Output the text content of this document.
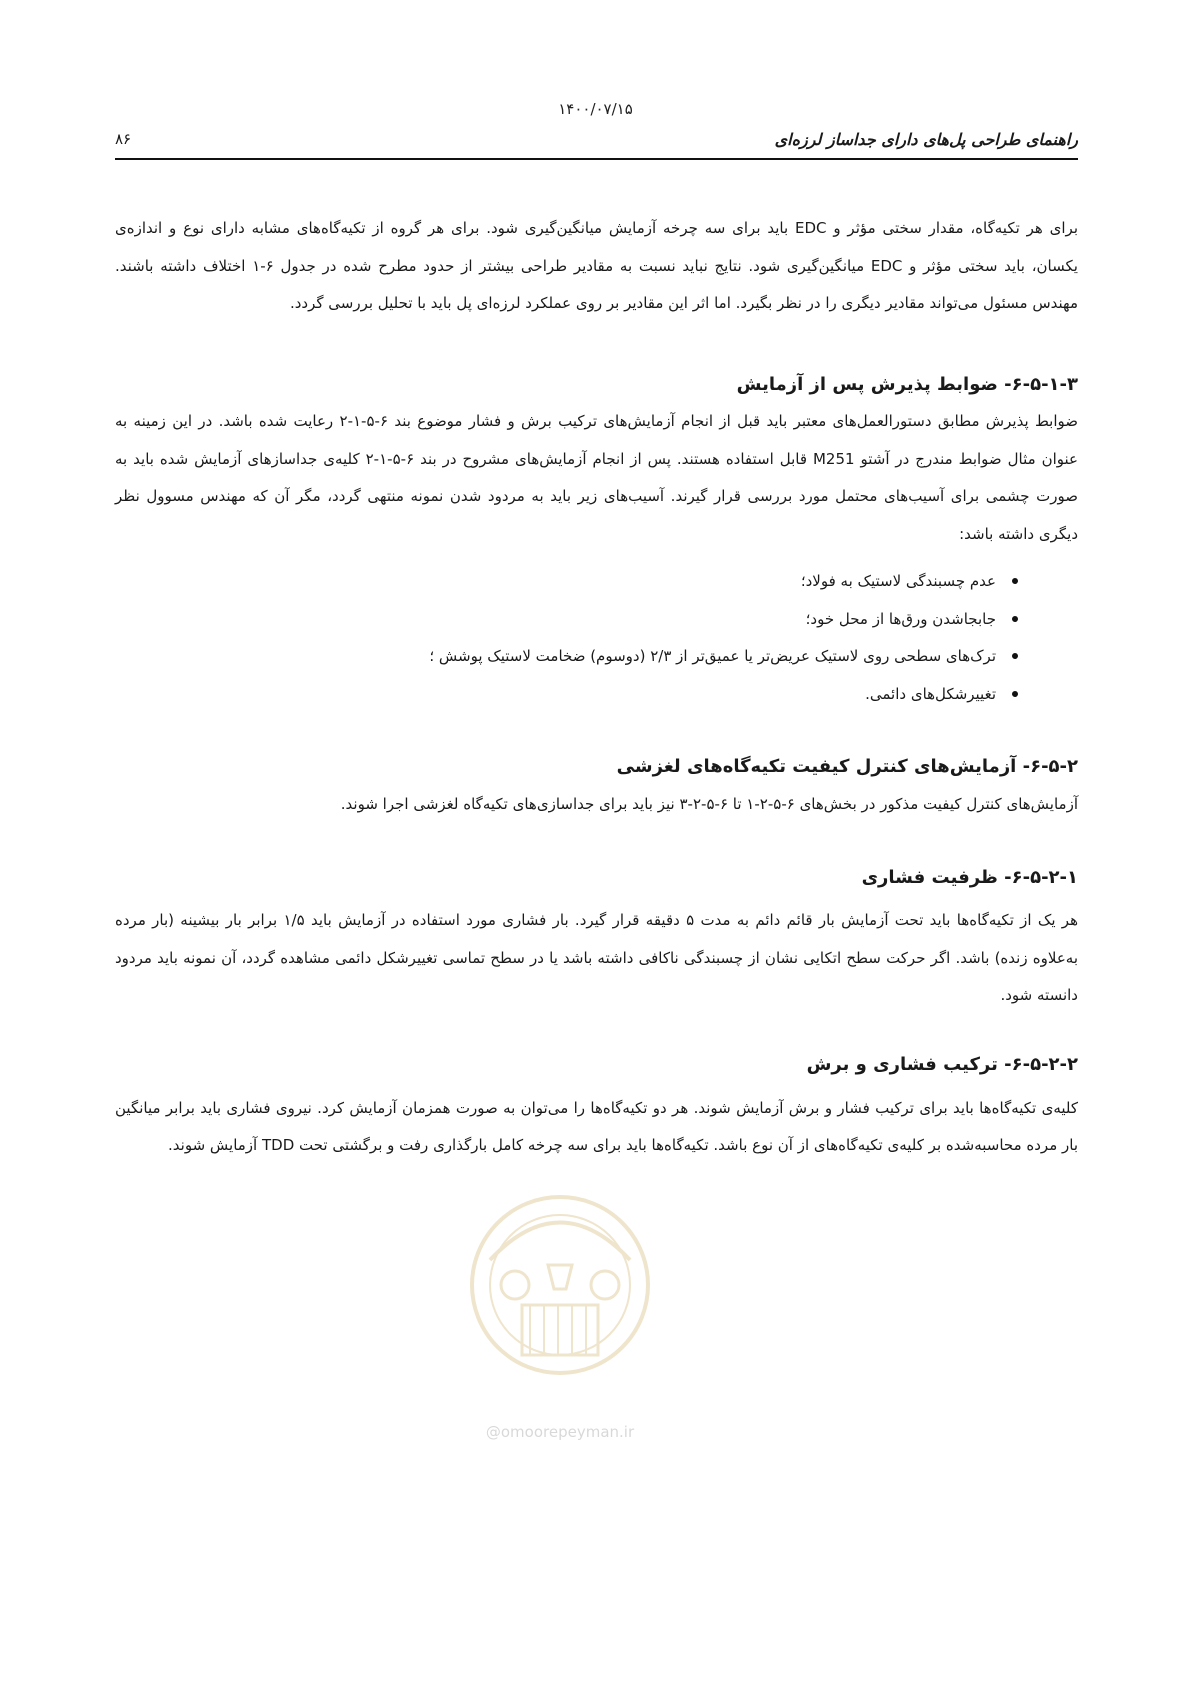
۱۴۰۰/۰۷/۱۵
راهنمای طراحی پل‌های دارای جداساز لرزه‌ای
۸۶

برای هر تکیه‌گاه، مقدار سختی مؤثر و EDC باید برای سه چرخه آزمایش میانگین‌گیری شود. برای هر گروه از تکیه‌گاه‌های مشابه دارای نوع و اندازه‌ی یکسان، باید سختی مؤثر و EDC میانگین‌گیری شود. نتایج نباید نسبت به مقادیر طراحی بیشتر از حدود مطرح شده در جدول ۶-۱ اختلاف داشته باشند. مهندس مسئول می‌تواند مقادیر دیگری را در نظر بگیرد. اما اثر این مقادیر بر روی عملکرد لرزه‌ای پل باید با تحلیل بررسی گردد.

۶-۵-۱-۳- ضوابط پذیرش پس از آزمایش

ضوابط پذیرش مطابق دستورالعمل‌های معتبر باید قبل از انجام آزمایش‌های ترکیب برش و فشار موضوع بند ۶-۵-۱-۲ رعایت شده باشد. در این زمینه به عنوان مثال ضوابط مندرج در آشتو M251 قابل استفاده هستند. پس از انجام آزمایش‌های مشروح در بند ۶-۵-۱-۲ کلیه‌ی جداسازهای آزمایش شده باید به صورت چشمی برای آسیب‌های محتمل مورد بررسی قرار گیرند. آسیب‌های زیر باید به مردود شدن نمونه منتهی گردد، مگر آن که مهندس مسوول نظر دیگری داشته باشد:

عدم چسبندگی لاستیک به فولاد؛
جابجاشدن ورق‌ها از محل خود؛
ترک‌های سطحی روی لاستیک عریض‌تر یا عمیق‌تر از ۲/۳ (دوسوم) ضخامت لاستیک پوشش ؛
تغییرشکل‌های دائمی.
۶-۵-۲- آزمایش‌های کنترل کیفیت تکیه‌گاه‌های لغزشی

آزمایش‌های کنترل کیفیت مذکور در بخش‌های ۶-۵-۲-۱ تا ۶-۵-۲-۳ نیز باید برای جداسازی‌های تکیه‌گاه لغزشی اجرا شوند.

۶-۵-۲-۱- ظرفیت فشاری

هر یک از تکیه‌گاه‌ها باید تحت آزمایش بار قائم دائم به مدت ۵ دقیقه قرار گیرد. بار فشاری مورد استفاده در آزمایش باید ۱/۵ برابر بار بیشینه (بار مرده به‌علاوه زنده) باشد. اگر حرکت سطح اتکایی نشان از چسبندگی ناکافی داشته باشد یا در سطح تماسی تغییرشکل دائمی مشاهده گردد، آن نمونه باید مردود دانسته شود.

۶-۵-۲-۲- ترکیب فشاری و برش

کلیه‌ی تکیه‌گاه‌ها باید برای ترکیب فشار و برش آزمایش شوند. هر دو تکیه‌گاه‌ها را می‌توان به صورت همزمان آزمایش کرد. نیروی فشاری باید برابر میانگین بار مرده محاسبه‌شده بر کلیه‌ی تکیه‌گاه‌های از آن نوع باشد. تکیه‌گاه‌ها باید برای سه چرخه کامل بارگذاری رفت و برگشتی تحت TDD آزمایش شوند.

@omoorepeyman.ir
